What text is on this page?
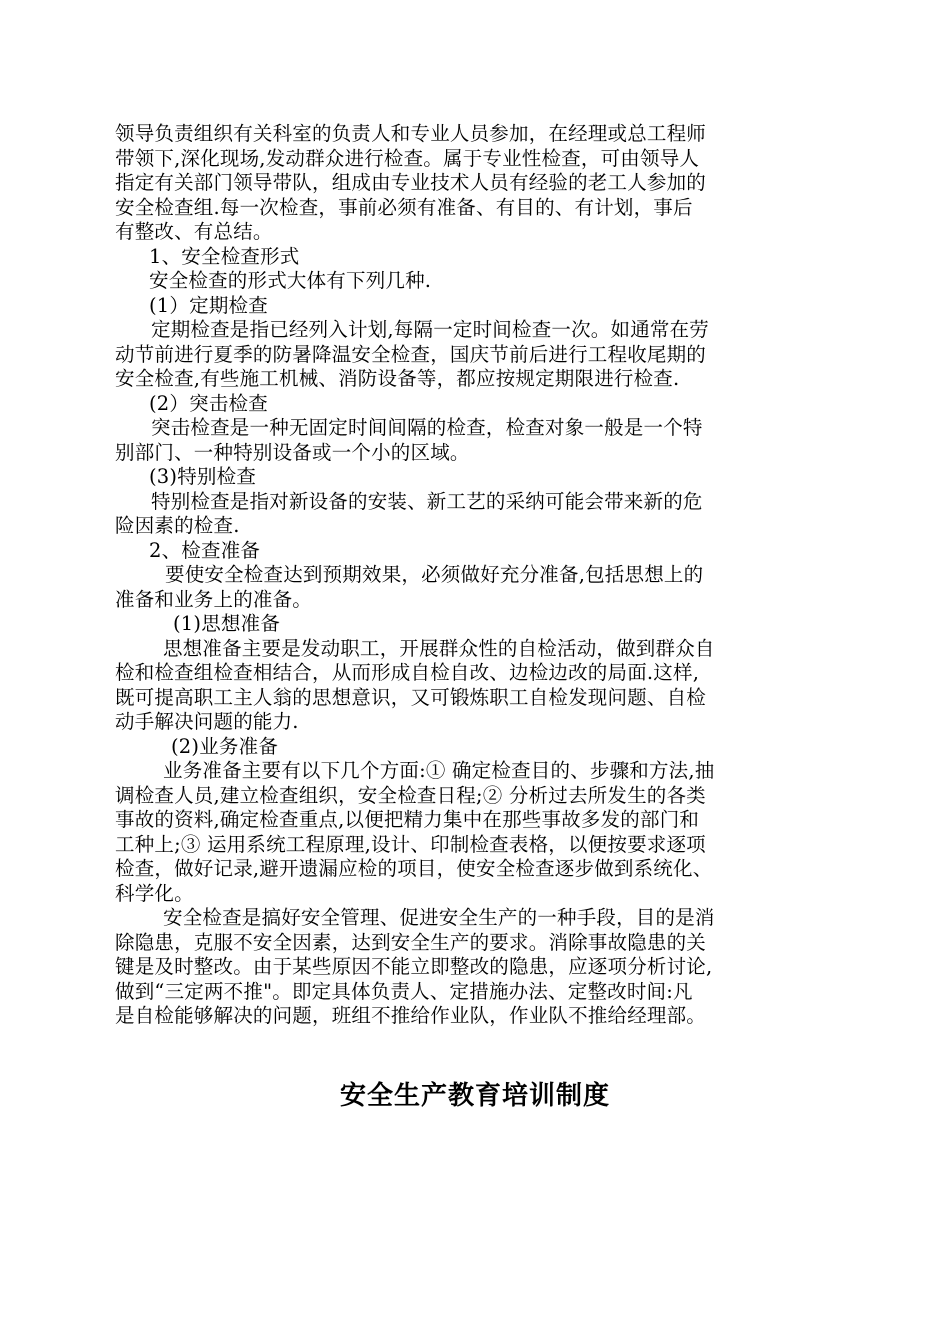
领导负责组织有关科室的负责人和专业人员参加，在经理或总工程师
带领下,深化现场,发动群众进行检查。属于专业性检查，可由领导人
指定有关部门领导带队，组成由专业技术人员有经验的老工人参加的
安全检查组.每一次检查，事前必须有准备、有目的、有计划，事后
有整改、有总结。
1、安全检查形式
安全检查的形式大体有下列几种.
(1）定期检查
定期检查是指已经列入计划,每隔一定时间检查一次。如通常在劳
动节前进行夏季的防暑降温安全检查，国庆节前后进行工程收尾期的
安全检查,有些施工机械、消防设备等，都应按规定期限进行检查.
(2）突击检查
突击检查是一种无固定时间间隔的检查，检查对象一般是一个特
别部门、一种特别设备或一个小的区域。
(3)特别检查
特别检查是指对新设备的安装、新工艺的采纳可能会带来新的危
险因素的检查.
2、检查准备
要使安全检查达到预期效果，必须做好充分准备,包括思想上的
准备和业务上的准备。
(1)思想准备
思想准备主要是发动职工，开展群众性的自检活动，做到群众自
检和检查组检查相结合，从而形成自检自改、边检边改的局面.这样,
既可提高职工主人翁的思想意识，又可锻炼职工自检发现问题、自检
动手解决问题的能力.
(2)业务准备
业务准备主要有以下几个方面:① 确定检查目的、步骤和方法,抽
调检查人员,建立检查组织，安全检查日程;② 分析过去所发生的各类
事故的资料,确定检查重点,以便把精力集中在那些事故多发的部门和
工种上;③ 运用系统工程原理,设计、印制检查表格，以便按要求逐项
检查，做好记录,避开遗漏应检的项目，使安全检查逐步做到系统化、
科学化。
安全检查是搞好安全管理、促进安全生产的一种手段，目的是消
除隐患，克服不安全因素，达到安全生产的要求。消除事故隐患的关
键是及时整改。由于某些原因不能立即整改的隐患，应逐项分析讨论,
做到“三定两不推"。即定具体负责人、定措施办法、定整改时间:凡
是自检能够解决的问题，班组不推给作业队，作业队不推给经理部。
安全生产教育培训制度
